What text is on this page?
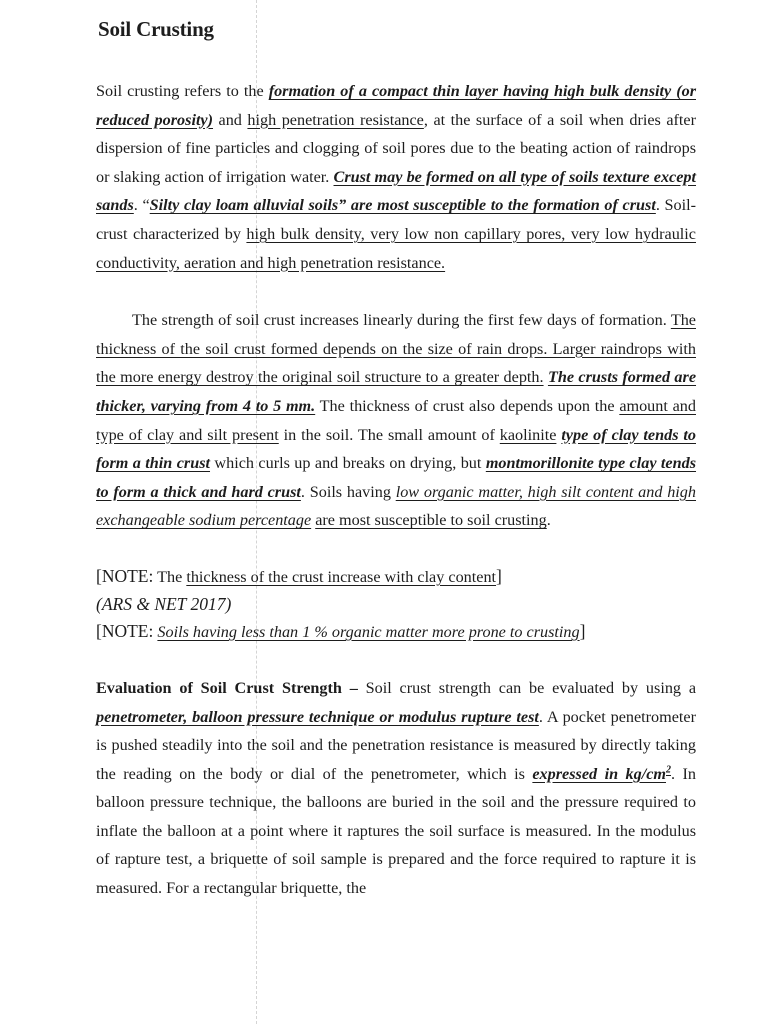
Soil Crusting

Soil crusting refers to the formation of a compact thin layer having high bulk density (or reduced porosity) and high penetration resistance, at the surface of a soil when dries after dispersion of fine particles and clogging of soil pores due to the beating action of raindrops or slaking action of irrigation water. Crust may be formed on all type of soils texture except sands. “Silty clay loam alluvial soils” are most susceptible to the formation of crust. Soil-crust characterized by high bulk density, very low non capillary pores, very low hydraulic conductivity, aeration and high penetration resistance.

The strength of soil crust increases linearly during the first few days of formation. The thickness of the soil crust formed depends on the size of rain drops. Larger raindrops with the more energy destroy the original soil structure to a greater depth. The crusts formed are thicker, varying from 4 to 5 mm. The thickness of crust also depends upon the amount and type of clay and silt present in the soil. The small amount of kaolinite type of clay tends to form a thin crust which curls up and breaks on drying, but montmorillonite type clay tends to form a thick and hard crust. Soils having low organic matter, high silt content and high exchangeable sodium percentage are most susceptible to soil crusting.

[NOTE: The thickness of the crust increase with clay content]
(ARS & NET 2017)
[NOTE: Soils having less than 1 % organic matter more prone to crusting]

Evaluation of Soil Crust Strength – Soil crust strength can be evaluated by using a penetrometer, balloon pressure technique or modulus rupture test. A pocket penetrometer is pushed steadily into the soil and the penetration resistance is measured by directly taking the reading on the body or dial of the penetrometer, which is expressed in $kg/cm^2$. In balloon pressure technique, the balloons are buried in the soil and the pressure required to inflate the balloon at a point where it raptures the soil surface is measured. In the modulus of rapture test, a briquette of soil sample is prepared and the force required to rapture it is measured. For a rectangular briquette, the
